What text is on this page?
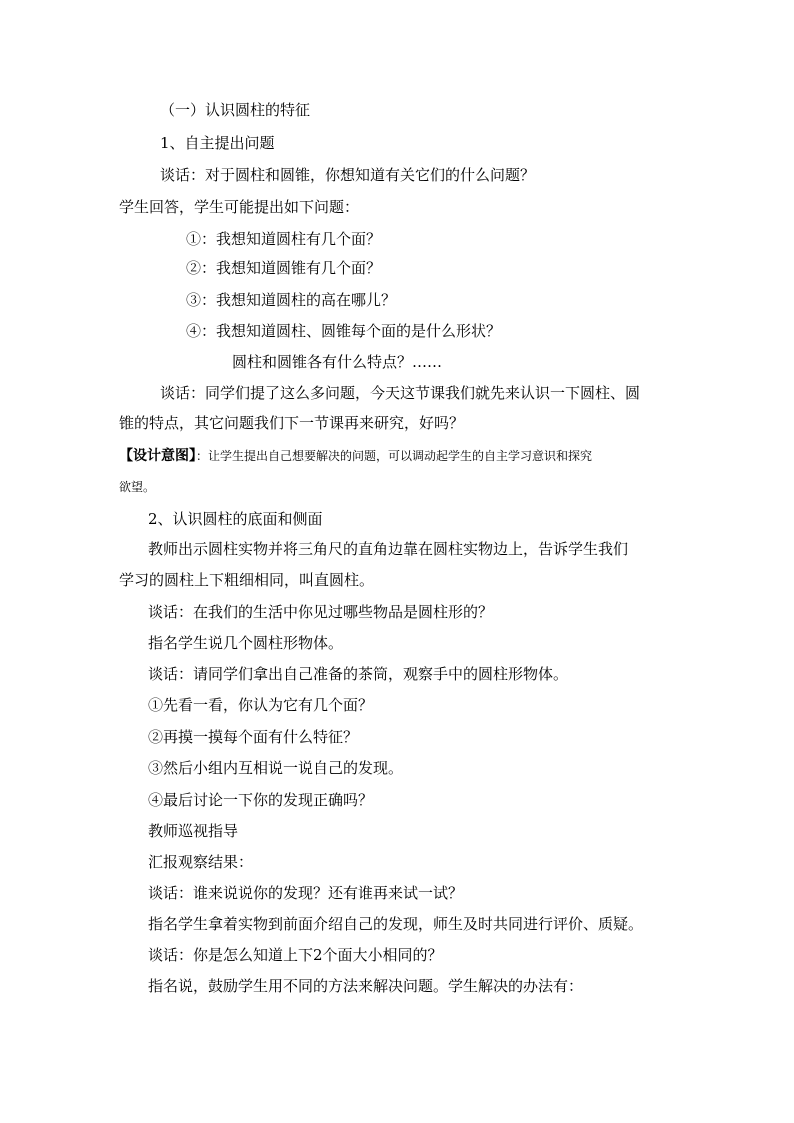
（一）认识圆柱的特征
1、自主提出问题
谈话：对于圆柱和圆锥，你想知道有关它们的什么问题？
学生回答，学生可能提出如下问题：
①：我想知道圆柱有几个面？
②：我想知道圆锥有几个面？
③：我想知道圆柱的高在哪儿？
④：我想知道圆柱、圆锥每个面的是什么形状？
圆柱和圆锥各有什么特点？……
谈话：同学们提了这么多问题，今天这节课我们就先来认识一下圆柱、圆
锥的特点，其它问题我们下一节课再来研究，好吗？
【设计意图】：让学生提出自己想要解决的问题，可以调动起学生的自主学习意识和探究
欲望。
2、认识圆柱的底面和侧面
教师出示圆柱实物并将三角尺的直角边靠在圆柱实物边上，告诉学生我们
学习的圆柱上下粗细相同，叫直圆柱。
谈话：在我们的生活中你见过哪些物品是圆柱形的？
指名学生说几个圆柱形物体。
谈话：请同学们拿出自己准备的茶筒，观察手中的圆柱形物体。
①先看一看，你认为它有几个面？
②再摸一摸每个面有什么特征？
③然后小组内互相说一说自己的发现。
④最后讨论一下你的发现正确吗？
教师巡视指导
汇报观察结果：
谈话：谁来说说你的发现？还有谁再来试一试？
指名学生拿着实物到前面介绍自己的发现，师生及时共同进行评价、质疑。
谈话：你是怎么知道上下2个面大小相同的？
指名说，鼓励学生用不同的方法来解决问题。学生解决的办法有：
